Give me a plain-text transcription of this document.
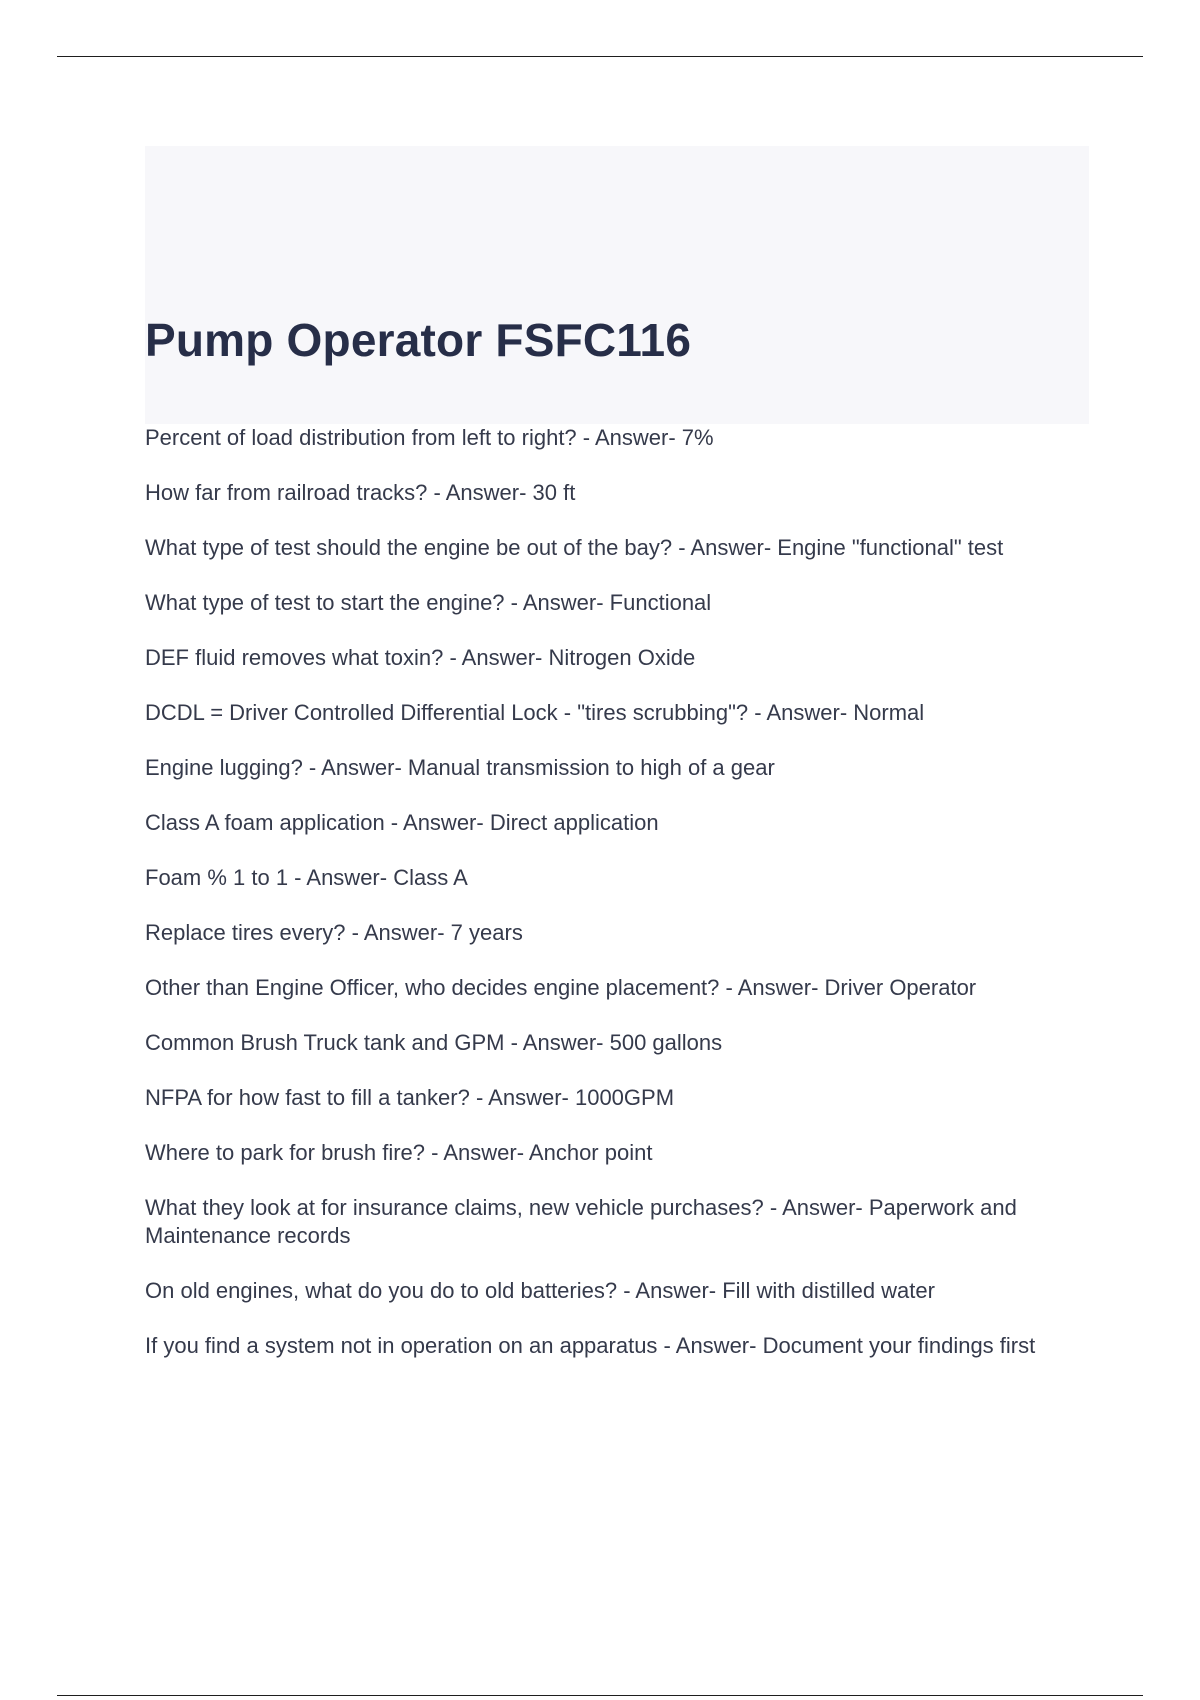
Pump Operator FSFC116
Percent of load distribution from left to right? - Answer- 7%
How far from railroad tracks? - Answer- 30 ft
What type of test should the engine be out of the bay? - Answer- Engine "functional" test
What type of test to start the engine? - Answer- Functional
DEF fluid removes what toxin? - Answer- Nitrogen Oxide
DCDL = Driver Controlled Differential Lock - "tires scrubbing"? - Answer- Normal
Engine lugging? - Answer- Manual transmission to high of a gear
Class A foam application - Answer- Direct application
Foam % 1 to 1 - Answer- Class A
Replace tires every? - Answer- 7 years
Other than Engine Officer, who decides engine placement? - Answer- Driver Operator
Common Brush Truck tank and GPM - Answer- 500 gallons
NFPA for how fast to fill a tanker? - Answer- 1000GPM
Where to park for brush fire? - Answer- Anchor point
What they look at for insurance claims, new vehicle purchases? - Answer- Paperwork and Maintenance records
On old engines, what do you do to old batteries? - Answer- Fill with distilled water
If you find a system not in operation on an apparatus - Answer- Document your findings first
